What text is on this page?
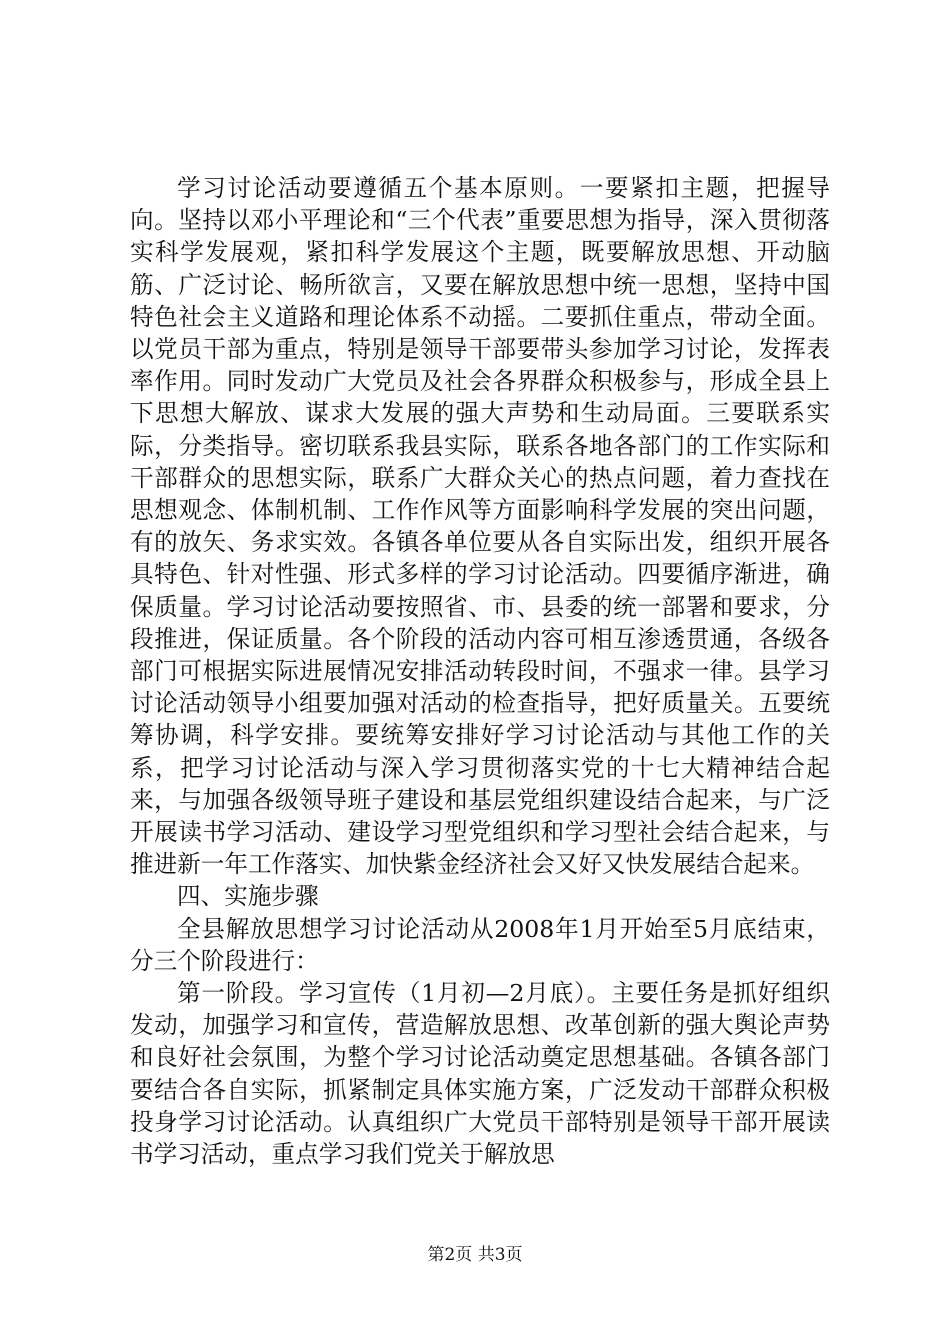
学习讨论活动要遵循五个基本原则。一要紧扣主题，把握导向。坚持以邓小平理论和“三个代表”重要思想为指导，深入贯彻落实科学发展观，紧扣科学发展这个主题，既要解放思想、开动脑筋、广泛讨论、畅所欲言，又要在解放思想中统一思想，坚持中国特色社会主义道路和理论体系不动摇。二要抓住重点，带动全面。以党员干部为重点，特别是领导干部要带头参加学习讨论，发挥表率作用。同时发动广大党员及社会各界群众积极参与，形成全县上下思想大解放、谋求大发展的强大声势和生动局面。三要联系实际，分类指导。密切联系我县实际，联系各地各部门的工作实际和干部群众的思想实际，联系广大群众关心的热点问题，着力查找在思想观念、体制机制、工作作风等方面影响科学发展的突出问题，有的放矢、务求实效。各镇各单位要从各自实际出发，组织开展各具特色、针对性强、形式多样的学习讨论活动。四要循序渐进，确保质量。学习讨论活动要按照省、市、县委的统一部署和要求，分段推进，保证质量。各个阶段的活动内容可相互渗透贯通，各级各部门可根据实际进展情况安排活动转段时间，不强求一律。县学习讨论活动领导小组要加强对活动的检查指导，把好质量关。五要统筹协调，科学安排。要统筹安排好学习讨论活动与其他工作的关系，把学习讨论活动与深入学习贯彻落实党的十七大精神结合起来，与加强各级领导班子建设和基层党组织建设结合起来，与广泛开展读书学习活动、建设学习型党组织和学习型社会结合起来，与推进新一年工作落实、加快紫金经济社会又好又快发展结合起来。

四、实施步骤

全县解放思想学习讨论活动从2008年1月开始至5月底结束，分三个阶段进行：

第一阶段。学习宣传（1月初—2月底）。主要任务是抓好组织发动，加强学习和宣传，营造解放思想、改革创新的强大舆论声势和良好社会氛围，为整个学习讨论活动奠定思想基础。各镇各部门要结合各自实际，抓紧制定具体实施方案，广泛发动干部群众积极投身学习讨论活动。认真组织广大党员干部特别是领导干部开展读书学习活动，重点学习我们党关于解放思

第2页 共3页
